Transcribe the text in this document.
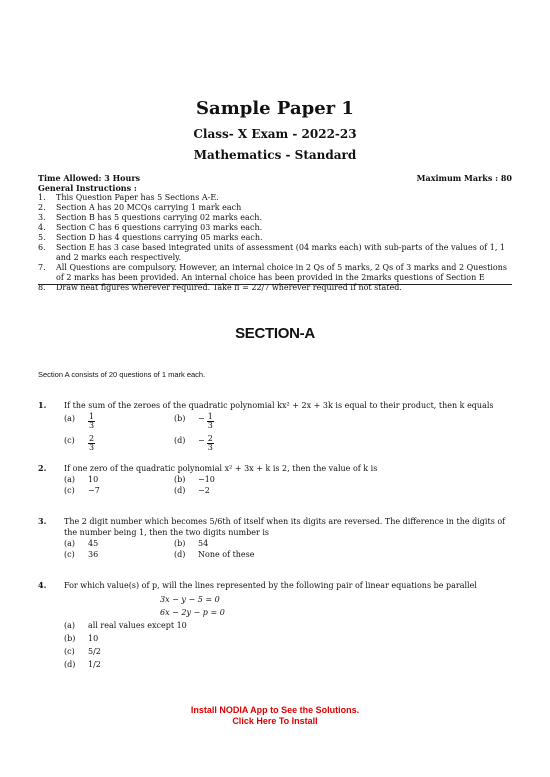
Sample Paper 1
Class- X Exam - 2022-23
Mathematics - Standard
Time Allowed: 3 Hours	Maximum Marks : 80
General Instructions :
1.	This Question Paper has 5 Sections A-E.
2.	Section A has 20 MCQs carrying 1 mark each
3.	Section B has 5 questions carrying 02 marks each.
4.	Section C has 6 questions carrying 03 marks each.
5.	Section D has 4 questions carrying 05 marks each.
6.	Section E has 3 case based integrated units of assessment (04 marks each) with sub-parts of the values of 1, 1 and 2 marks each respectively.
7.	All Questions are compulsory. However, an internal choice in 2 Qs of 5 marks, 2 Qs of 3 marks and 2 Questions of 2 marks has been provided. An internal choice has been provided in the 2marks questions of Section E
8.	Draw neat figures wherever required. Take π = 22/7 wherever required if not stated.
SECTION-A
Section A consists of 20 questions of 1 mark each.
1. If the sum of the zeroes of the quadratic polynomial kx² + 2x + 3k is equal to their product, then k equals
(a)	$\frac{1}{3}$	(b)	− $\frac{1}{3}$
(c)	$\frac{2}{3}$	(d)	− $\frac{2}{3}$
2. If one zero of the quadratic polynomial x² + 3x + k is 2, then the value of k is
(a)	10	(b)	−10
(c)	−7	(d)	−2
3. The 2 digit number which becomes 5/6th of itself when its digits are reversed. The difference in the digits of the number being 1, then the two digits number is
(a)	45	(b)	54
(c)	36	(d)	None of these
4. For which value(s) of p, will the lines represented by the following pair of linear equations be parallel
3x − y − 5 = 0
6x − 2y − p = 0
(a)	all real values except 10
(b)	10
(c)	5/2
(d)	1/2
Install NODIA App to See the Solutions.
Click Here To Install
